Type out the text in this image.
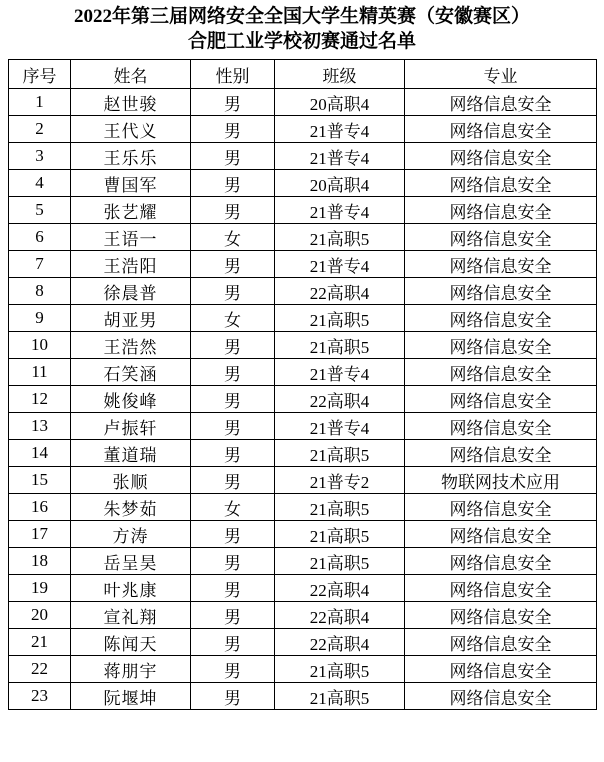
2022年第三届网络安全全国大学生精英赛（安徽赛区）
合肥工业学校初赛通过名单
序号	姓名	性别	班级	专业
1	赵世骏	男	20高职4	网络信息安全
2	王代义	男	21普专4	网络信息安全
3	王乐乐	男	21普专4	网络信息安全
4	曹国军	男	20高职4	网络信息安全
5	张艺耀	男	21普专4	网络信息安全
6	王语一	女	21高职5	网络信息安全
7	王浩阳	男	21普专4	网络信息安全
8	徐晨普	男	22高职4	网络信息安全
9	胡亚男	女	21高职5	网络信息安全
10	王浩然	男	21高职5	网络信息安全
11	石笑涵	男	21普专4	网络信息安全
12	姚俊峰	男	22高职4	网络信息安全
13	卢振轩	男	21普专4	网络信息安全
14	董道瑞	男	21高职5	网络信息安全
15	张顺	男	21普专2	物联网技术应用
16	朱梦茹	女	21高职5	网络信息安全
17	方涛	男	21高职5	网络信息安全
18	岳呈昊	男	21高职5	网络信息安全
19	叶兆康	男	22高职4	网络信息安全
20	宣礼翔	男	22高职4	网络信息安全
21	陈闻天	男	22高职4	网络信息安全
22	蒋朋宇	男	21高职5	网络信息安全
23	阮堰坤	男	21高职5	网络信息安全
